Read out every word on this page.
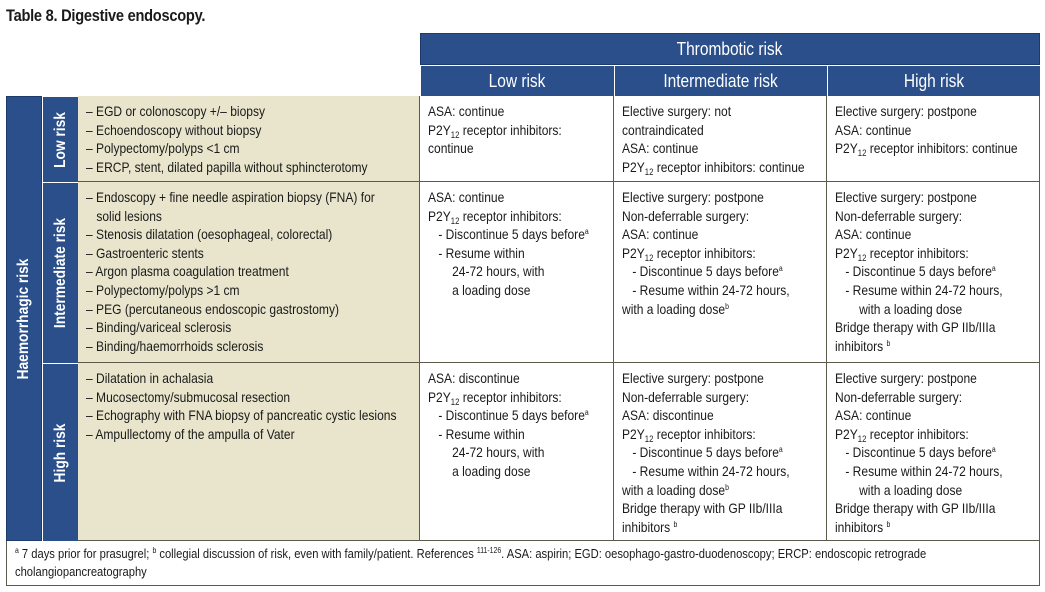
Table 8. Digestive endoscopy.
Thrombotic risk
Low risk	Intermediate risk	High risk
Haemorrhagic risk
Low risk
Intermediate risk
High risk
– EGD or colonoscopy +/– biopsy
– Echoendoscopy without biopsy
– Polypectomy/polyps <1 cm
– ERCP, stent, dilated papilla without sphincterotomy
ASA: continue
$P2Y_{12}$ receptor inhibitors:
continue
Elective surgery: not
contraindicated
ASA: continue
$P2Y_{12}$ receptor inhibitors: continue
Elective surgery: postpone
ASA: continue
$P2Y_{12}$ receptor inhibitors: continue
– Endoscopy + fine needle aspiration biopsy (FNA) for
solid lesions
– Stenosis dilatation (oesophageal, colorectal)
– Gastroenteric stents
– Argon plasma coagulation treatment
– Polypectomy/polyps >1 cm
– PEG (percutaneous endoscopic gastrostomy)
– Binding/variceal sclerosis
– Binding/haemorrhoids sclerosis
ASA: continue
$P2Y_{12}$ receptor inhibitors:
- Discontinue 5 days before$^a$
- Resume within
24-72 hours, with
a loading dose
Elective surgery: postpone
Non-deferrable surgery:
ASA: continue
$P2Y_{12}$ receptor inhibitors:
- Discontinue 5 days before$^a$
- Resume within 24-72 hours,
with a loading dose$^b$
Elective surgery: postpone
Non-deferrable surgery:
ASA: continue
$P2Y_{12}$ receptor inhibitors:
- Discontinue 5 days before$^a$
- Resume within 24-72 hours,
with a loading dose
Bridge therapy with GP IIb/IIIa
inhibitors $^b$
– Dilatation in achalasia
– Mucosectomy/submucosal resection
– Echography with FNA biopsy of pancreatic cystic lesions
– Ampullectomy of the ampulla of Vater
ASA: discontinue
$P2Y_{12}$ receptor inhibitors:
- Discontinue 5 days before$^a$
- Resume within
24-72 hours, with
a loading dose
Elective surgery: postpone
Non-deferrable surgery:
ASA: discontinue
$P2Y_{12}$ receptor inhibitors:
- Discontinue 5 days before$^a$
- Resume within 24-72 hours,
with a loading dose$^b$
Bridge therapy with GP IIb/IIIa
inhibitors $^b$
Elective surgery: postpone
Non-deferrable surgery:
ASA: continue
$P2Y_{12}$ receptor inhibitors:
- Discontinue 5 days before$^a$
- Resume within 24-72 hours,
with a loading dose
Bridge therapy with GP IIb/IIIa
inhibitors $^b$
$^a$ 7 days prior for prasugrel; $^b$ collegial discussion of risk, even with family/patient. References $^{111-126}$. ASA: aspirin; EGD: oesophago-gastro-duodenoscopy; ERCP: endoscopic retrograde
cholangiopancreatography
